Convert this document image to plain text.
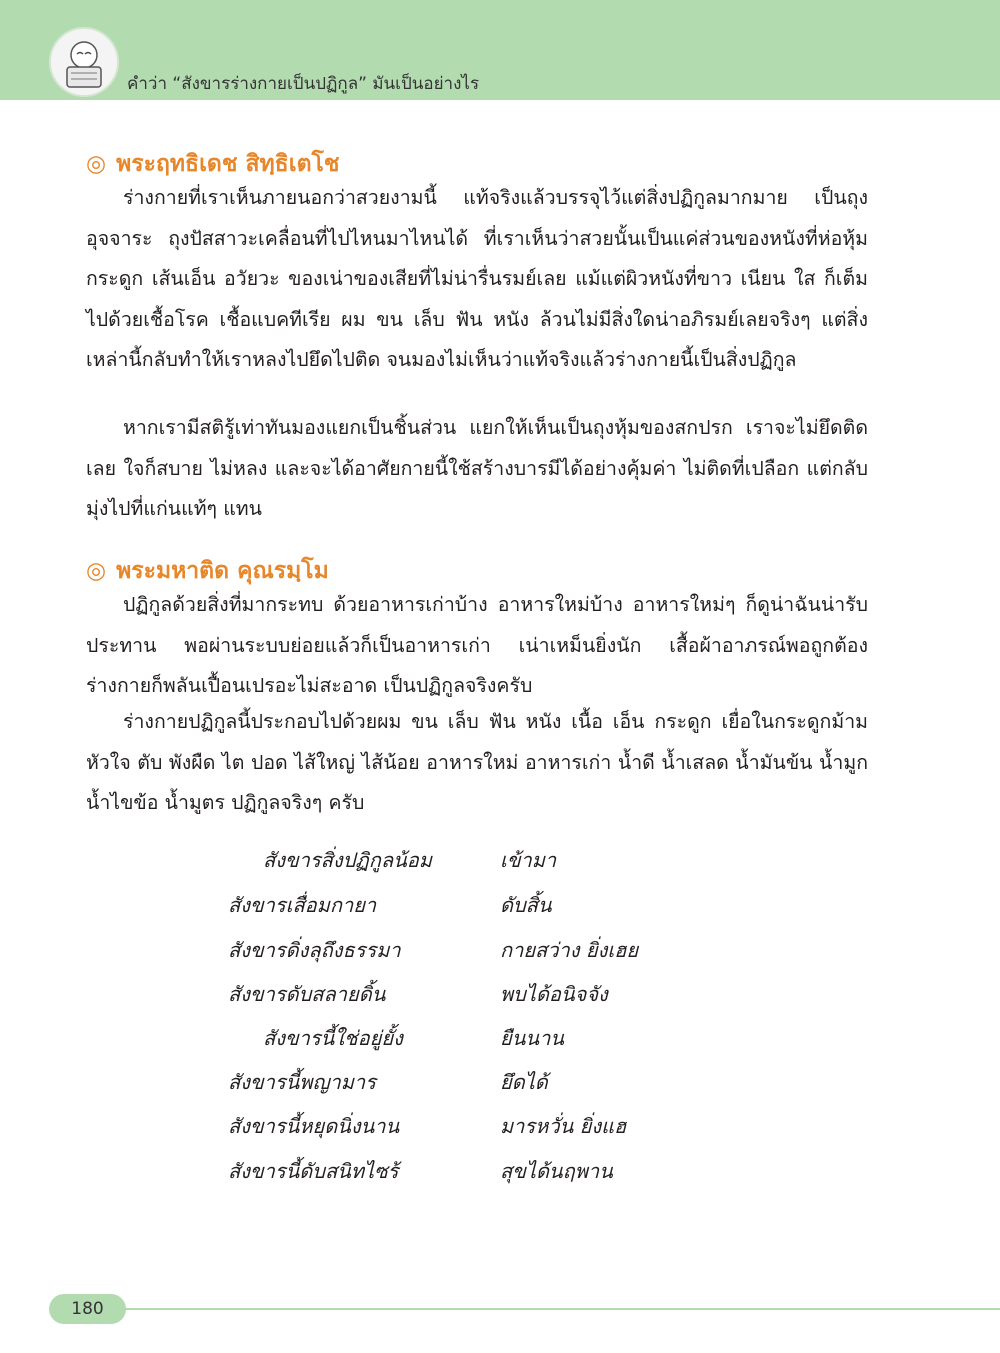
คำว่า “สังขารร่างกายเป็นปฏิกูล” มันเป็นอย่างไร
◎ พระฤทธิเดช สิทฺธิเตโช

ร่างกายที่เราเห็นภายนอกว่าสวยงามนี้ แท้จริงแล้วบรรจุไว้แต่สิ่งปฏิกูลมากมาย เป็นถุงอุจจาระ ถุงปัสสาวะเคลื่อนที่ไปไหนมาไหนได้ ที่เราเห็นว่าสวยนั้นเป็นแค่ส่วนของหนังที่ห่อหุ้มกระดูก เส้นเอ็น อวัยวะ ของเน่าของเสียที่ไม่น่ารื่นรมย์เลย แม้แต่ผิวหนังที่ขาว เนียน ใส ก็เต็มไปด้วยเชื้อโรค เชื้อแบคทีเรีย ผม ขน เล็บ ฟัน หนัง ล้วนไม่มีสิ่งใดน่าอภิรมย์เลยจริงๆ แต่สิ่งเหล่านี้กลับทำให้เราหลงไปยึดไปติด จนมองไม่เห็นว่าแท้จริงแล้วร่างกายนี้เป็นสิ่งปฏิกูล

หากเรามีสติรู้เท่าทันมองแยกเป็นชิ้นส่วน แยกให้เห็นเป็นถุงหุ้มของสกปรก เราจะไม่ยึดติดเลย ใจก็สบาย ไม่หลง และจะได้อาศัยกายนี้ใช้สร้างบารมีได้อย่างคุ้มค่า ไม่ติดที่เปลือก แต่กลับมุ่งไปที่แก่นแท้ๆ แทน

◎ พระมหาติด คุณรมฺโม

ปฏิกูลด้วยสิ่งที่มากระทบ ด้วยอาหารเก่าบ้าง อาหารใหม่บ้าง อาหารใหม่ๆ ก็ดูน่าฉันน่ารับประทาน พอผ่านระบบย่อยแล้วก็เป็นอาหารเก่า เน่าเหม็นยิ่งนัก เสื้อผ้าอาภรณ์พอถูกต้องร่างกายก็พลันเปื้อนเปรอะไม่สะอาด เป็นปฏิกูลจริงครับ

ร่างกายปฏิกูลนี้ประกอบไปด้วยผม ขน เล็บ ฟัน หนัง เนื้อ เอ็น กระดูก เยื่อในกระดูกม้าม หัวใจ ตับ พังผืด ไต ปอด ไส้ใหญ่ ไส้น้อย อาหารใหม่ อาหารเก่า น้ำดี น้ำเสลด น้ำมันข้น น้ำมูก น้ำไขข้อ น้ำมูตร ปฏิกูลจริงๆ ครับ

สังขารสิ่งปฏิกูลน้อม	เข้ามา
สังขารเสื่อมกายา	ดับสิ้น
สังขารดิ่งลุถึงธรรมา	กายสว่าง ยิ่งเฮย
สังขารดับสลายดิ้น	พบได้อนิจจัง
สังขารนี้ใช่อยู่ยั้ง	ยืนนาน
สังขารนี้พญามาร	ยึดได้
สังขารนี้หยุดนิ่งนาน	มารหวั่น ยิ่งแฮ
สังขารนี้ดับสนิทไซร้	สุขได้นฤพาน
180
